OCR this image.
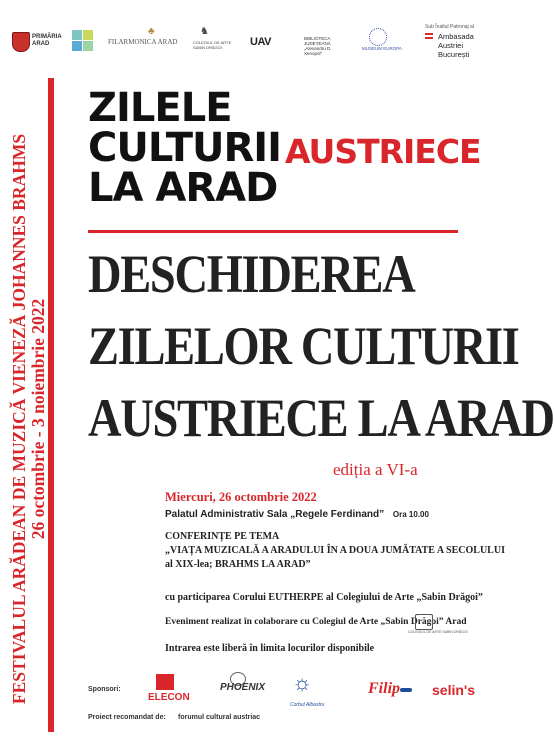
PRIMĂRIA ARAD
♣
FILARMONICA ARAD
♞
COLEGIUL DE ARTE SABIN DRĂGOI	UAV	BIBLIOTECA JUDEȚEANĂ „Alexandru D. Xenopol”
MUSEUM EUROPA
Sub Înaltul Patronaj al
Ambasada
Austriei
București
FESTIVALUL ARĂDEAN DE MUZICĂ VIENEZĂ JOHANNES BRAHMS 26 octombrie - 3 noiembrie 2022
ZILELE
CULTURII
LA ARAD
AUSTRIECE
DESCHIDEREA
ZILELOR CULTURII
AUSTRIECE LA ARAD
ediția a VI-a
Miercuri, 26 octombrie 2022
Palatul Administrativ Sala „Regele Ferdinand” Ora 10.00
CONFERINȚE PE TEMA
„VIAȚA MUZICALĂ A ARADULUI ÎN A DOUA JUMĂTATE A SECOLULUI
al XIX-lea; BRAHMS LA ARAD”
cu participarea Corului EUTHERPE al Colegiului de Arte „Sabin Drăgoi”
Eveniment realizat în colaborare cu Colegiul de Arte „Sabin Drăgoi” Arad
COLEGIUL DE ARTE SABIN DRĂGOI
Intrarea este liberă în limita locurilor disponibile
Sponsori:
ELECON
PHOENIX ☼
Corbul Albastru
Filip selin's
Proiect recomandat de: forumul cultural austriac
